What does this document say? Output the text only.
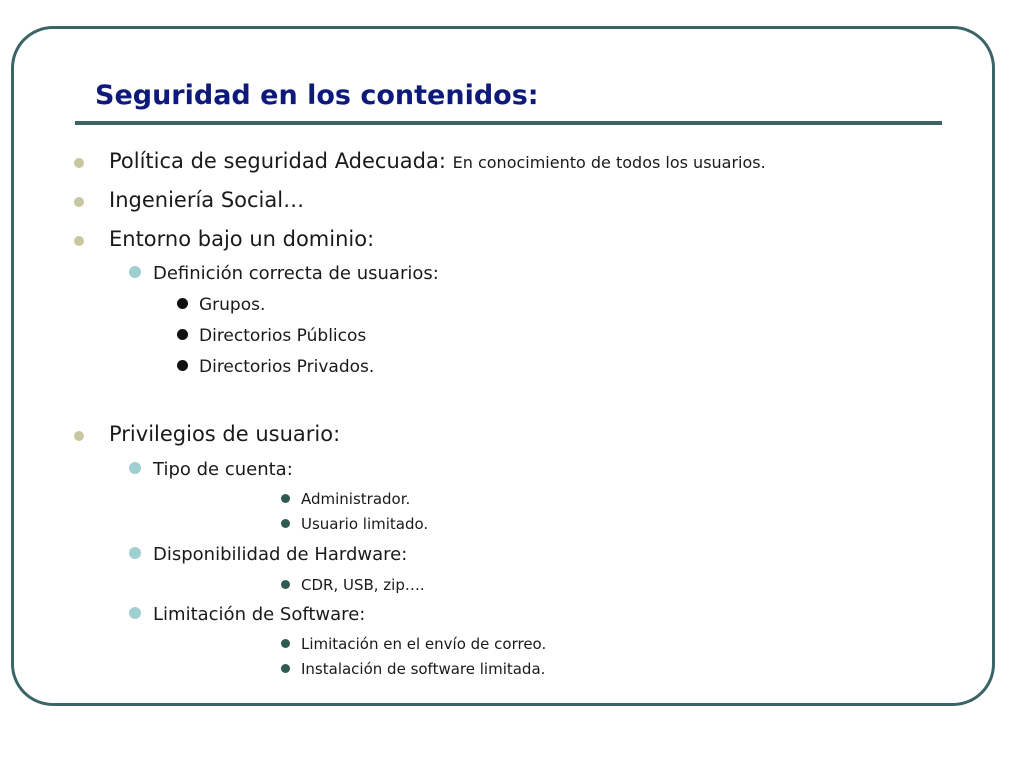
Seguridad en los contenidos:
Política de seguridad Adecuada: En conocimiento de todos los usuarios.
Ingeniería Social…
Entorno bajo un dominio:
Definición correcta de usuarios:
Grupos.
Directorios Públicos
Directorios Privados.
Privilegios de usuario:
Tipo de cuenta:
Administrador.
Usuario limitado.
Disponibilidad de Hardware:
CDR, USB, zip….
Limitación de Software:
Limitación en el envío de correo.
Instalación de software limitada.
